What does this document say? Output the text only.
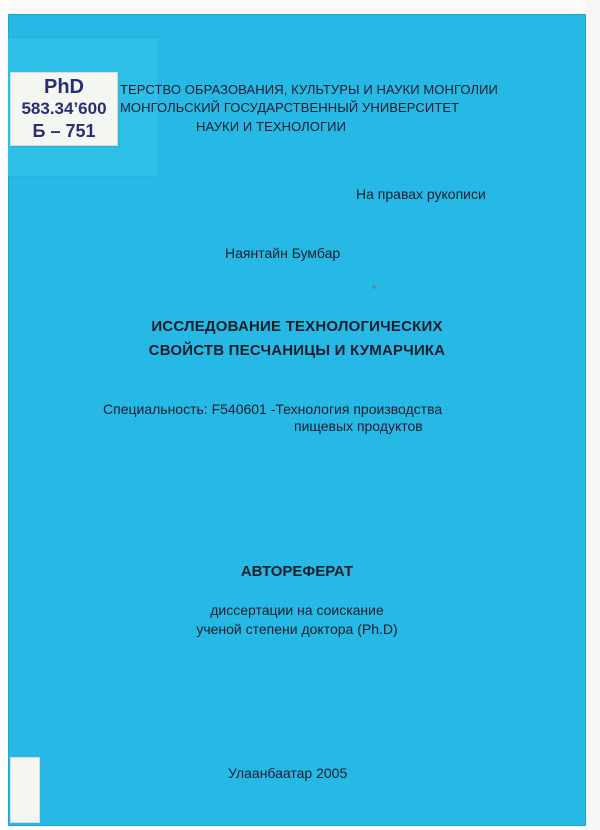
PhD
583.34’600
Б – 751
ТЕРСТВО ОБРАЗОВАНИЯ, КУЛЬТУРЫ И НАУКИ МОНГОЛИИ
МОНГОЛЬСКИЙ ГОСУДАРСТВЕННЫЙ УНИВЕРСИТЕТ
НАУКИ И ТЕХНОЛОГИИ
На правах рукописи
Наянтайн Бумбар
ИССЛЕДОВАНИЕ ТЕХНОЛОГИЧЕСКИХ
СВОЙСТВ ПЕСЧАНИЦЫ И КУМАРЧИКА
Специальность: F540601 -Технология производства
пищевых продуктов
АВТОРЕФЕРАТ
диссертации на соискание
ученой степени доктора (Ph.D)
Улаанбаатар 2005
